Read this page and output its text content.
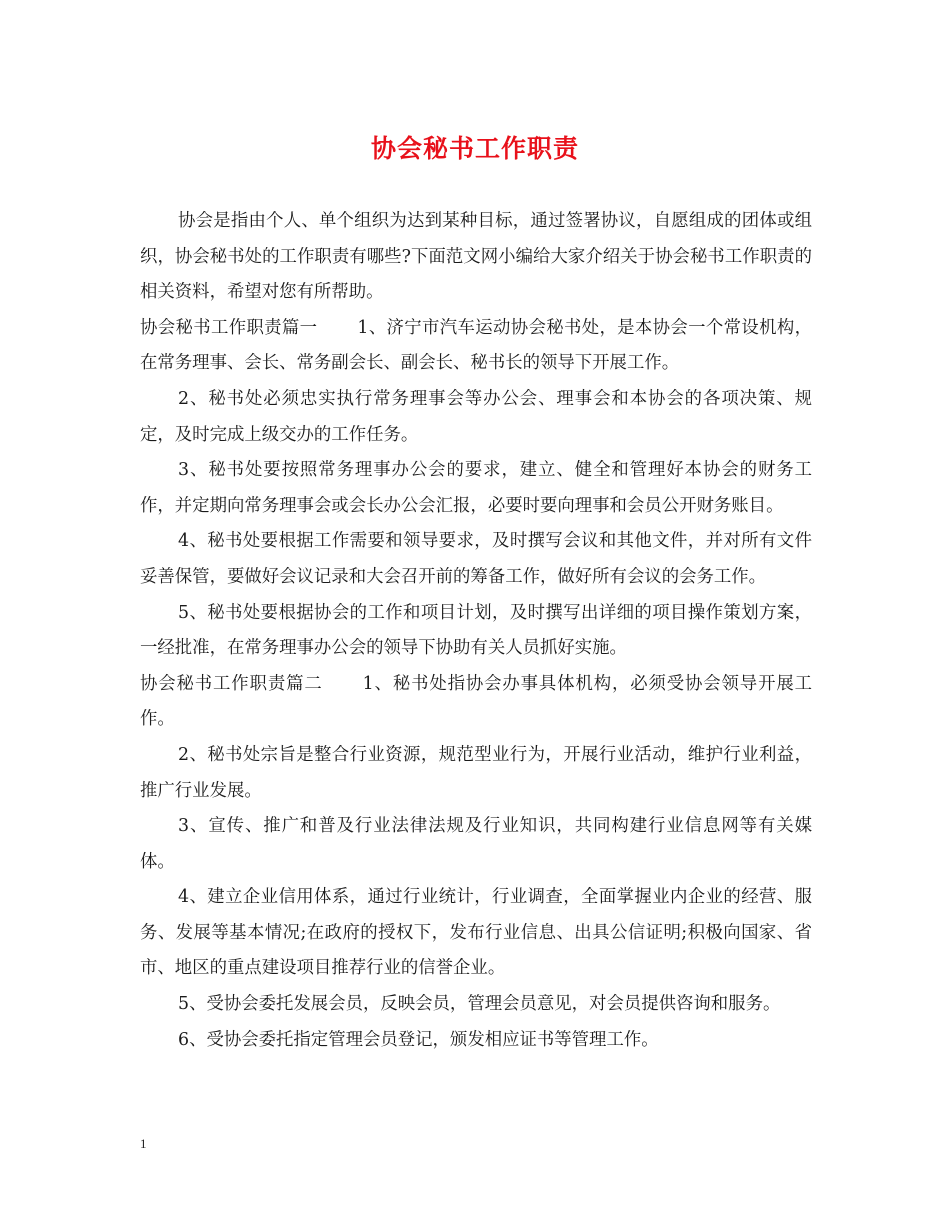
协会秘书工作职责

协会是指由个人、单个组织为达到某种目标，通过签署协议，自愿组成的团体或组织，协会秘书处的工作职责有哪些?下面范文网小编给大家介绍关于协会秘书工作职责的相关资料，希望对您有所帮助。

协会秘书工作职责篇一 1、济宁市汽车运动协会秘书处，是本协会一个常设机构，在常务理事、会长、常务副会长、副会长、秘书长的领导下开展工作。

2、秘书处必须忠实执行常务理事会等办公会、理事会和本协会的各项决策、规定，及时完成上级交办的工作任务。

3、秘书处要按照常务理事办公会的要求，建立、健全和管理好本协会的财务工作，并定期向常务理事会或会长办公会汇报，必要时要向理事和会员公开财务账目。

4、秘书处要根据工作需要和领导要求，及时撰写会议和其他文件，并对所有文件妥善保管，要做好会议记录和大会召开前的筹备工作，做好所有会议的会务工作。

5、秘书处要根据协会的工作和项目计划，及时撰写出详细的项目操作策划方案，一经批准，在常务理事办公会的领导下协助有关人员抓好实施。

协会秘书工作职责篇二 1、秘书处指协会办事具体机构，必须受协会领导开展工作。

2、秘书处宗旨是整合行业资源，规范型业行为，开展行业活动，维护行业利益，推广行业发展。

3、宣传、推广和普及行业法律法规及行业知识，共同构建行业信息网等有关媒体。

4、建立企业信用体系，通过行业统计，行业调查，全面掌握业内企业的经营、服务、发展等基本情况;在政府的授权下，发布行业信息、出具公信证明;积极向国家、省市、地区的重点建设项目推荐行业的信誉企业。

5、受协会委托发展会员，反映会员，管理会员意见，对会员提供咨询和服务。

6、受协会委托指定管理会员登记，颁发相应证书等管理工作。

1
